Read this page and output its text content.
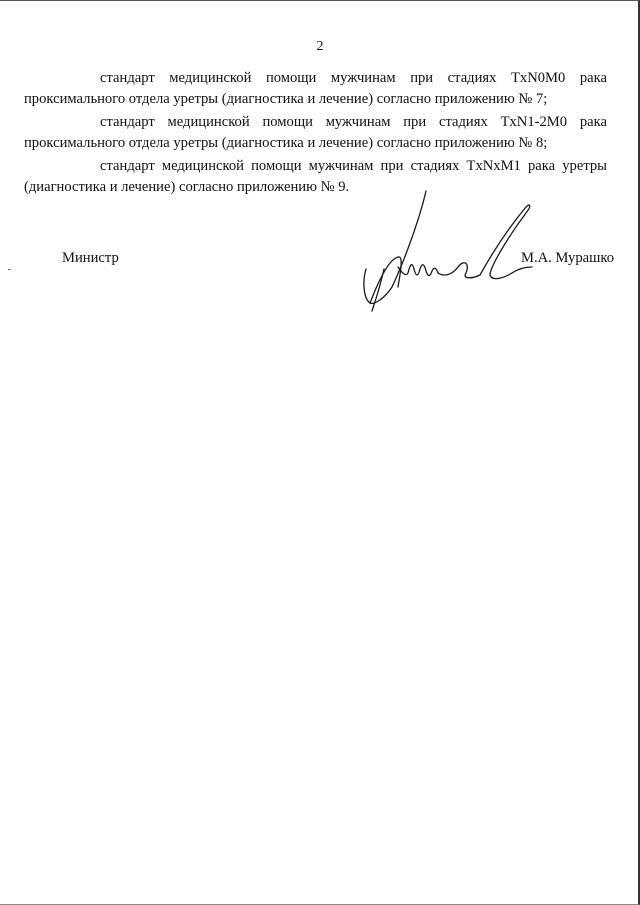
2

стандарт медицинской помощи мужчинам при стадиях TxN0M0 рака
проксимального отдела уретры (диагностика и лечение) согласно приложению № 7;

стандарт медицинской помощи мужчинам при стадиях TxN1-2M0 рака
проксимального отдела уретры (диагностика и лечение) согласно приложению № 8;

стандарт медицинской помощи мужчинам при стадиях TxNxM1 рака уретры
(диагностика и лечение) согласно приложению № 9.

Министр	М.А. Мурашко
